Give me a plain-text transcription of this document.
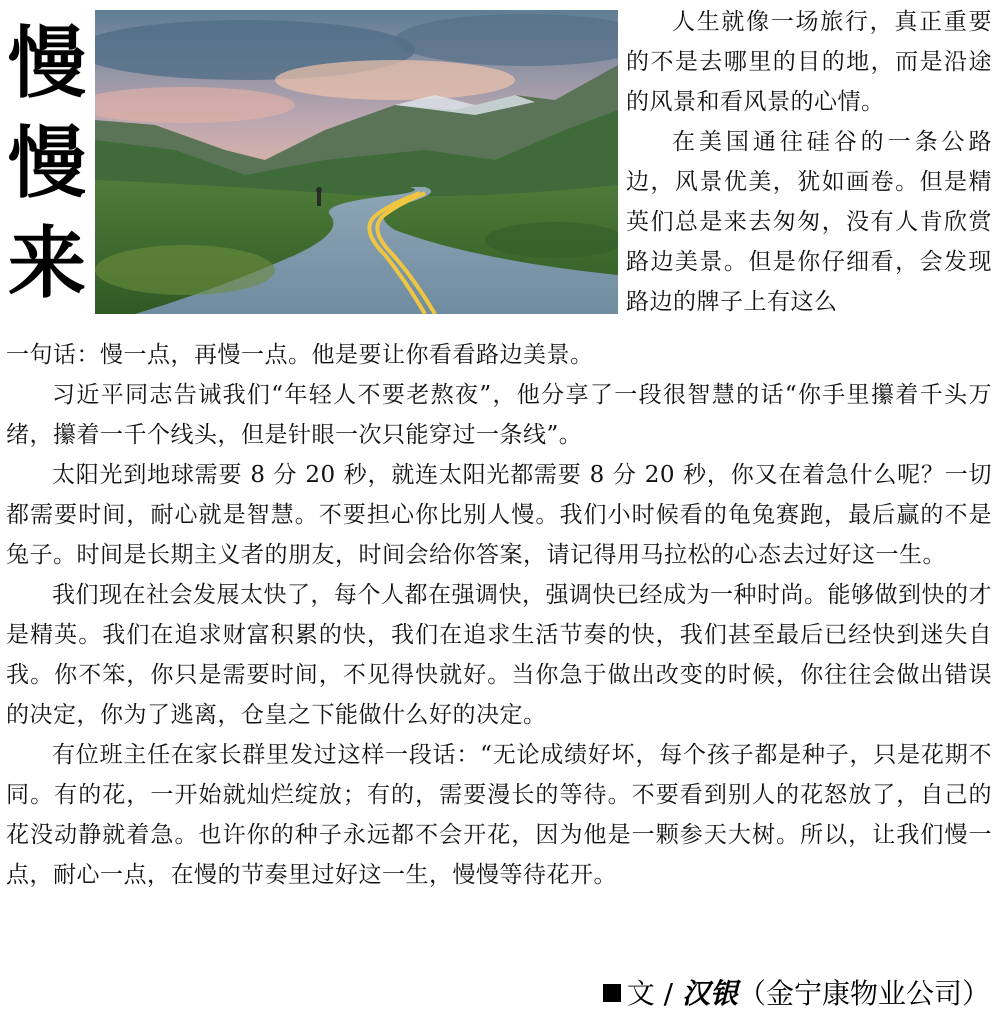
慢
慢
来

人生就像一场旅行，真正重要的不是去哪里的目的地，而是沿途的风景和看风景的心情。

在美国通往硅谷的一条公路边，风景优美，犹如画卷。但是精英们总是来去匆匆，没有人肯欣赏路边美景。但是你仔细看，会发现路边的牌子上有这么

一句话：慢一点，再慢一点。他是要让你看看路边美景。

习近平同志告诫我们“年轻人不要老熬夜”，他分享了一段很智慧的话“你手里攥着千头万绪，攥着一千个线头，但是针眼一次只能穿过一条线”。

太阳光到地球需要 8 分 20 秒，就连太阳光都需要 8 分 20 秒，你又在着急什么呢？一切都需要时间，耐心就是智慧。不要担心你比别人慢。我们小时候看的龟兔赛跑，最后赢的不是兔子。时间是长期主义者的朋友，时间会给你答案，请记得用马拉松的心态去过好这一生。

我们现在社会发展太快了，每个人都在强调快，强调快已经成为一种时尚。能够做到快的才是精英。我们在追求财富积累的快，我们在追求生活节奏的快，我们甚至最后已经快到迷失自我。你不笨，你只是需要时间，不见得快就好。当你急于做出改变的时候，你往往会做出错误的决定，你为了逃离，仓皇之下能做什么好的决定。

有位班主任在家长群里发过这样一段话：“无论成绩好坏，每个孩子都是种子，只是花期不同。有的花，一开始就灿烂绽放；有的，需要漫长的等待。不要看到别人的花怒放了，自己的花没动静就着急。也许你的种子永远都不会开花，因为他是一颗参天大树。所以，让我们慢一点，耐心一点，在慢的节奏里过好这一生，慢慢等待花开。

文 / 汉银（金宁康物业公司）
